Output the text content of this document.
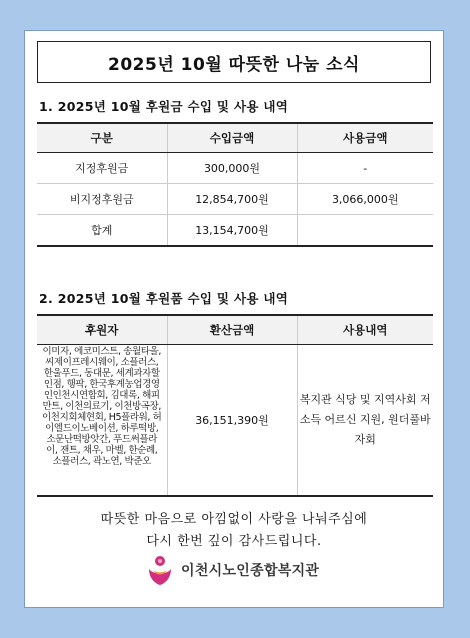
2025년 10월 따뜻한 나눔 소식
1. 2025년 10월 후원금 수입 및 사용 내역
구분	수입금액	사용금액
지정후원금	300,000원	-
비지정후원금	12,854,700원	3,066,000원
합계	13,154,700원	
2. 2025년 10월 후원품 수입 및 사용 내역
후원자	환산금액	사용내역

이미자, 에코미스트, 송월타올, 씨제이프레시웨이, 소플러스, 한울푸드, 동대문, 세계과자할인점, 행팍, 한국후계농업경영인인천시연합회, 김대록, 해피만트, 이천의료기, 이천방곡장, 이천지회체현회, H5플라워, 허이엘드이노베이션, 하루떡방, 소문난떡방앗간, 푸드써플라이, 잰트, 채우, 마벨, 한순례, 소플러스, 곽노연, 박준오	36,151,390원	복지관 식당 및 지역사회 저소득 어르신 지원, 원더풀바자회
따뜻한 마음으로 아낌없이 사랑을 나눠주심에
다시 한번 깊이 감사드립니다.
이천시노인종합복지관
